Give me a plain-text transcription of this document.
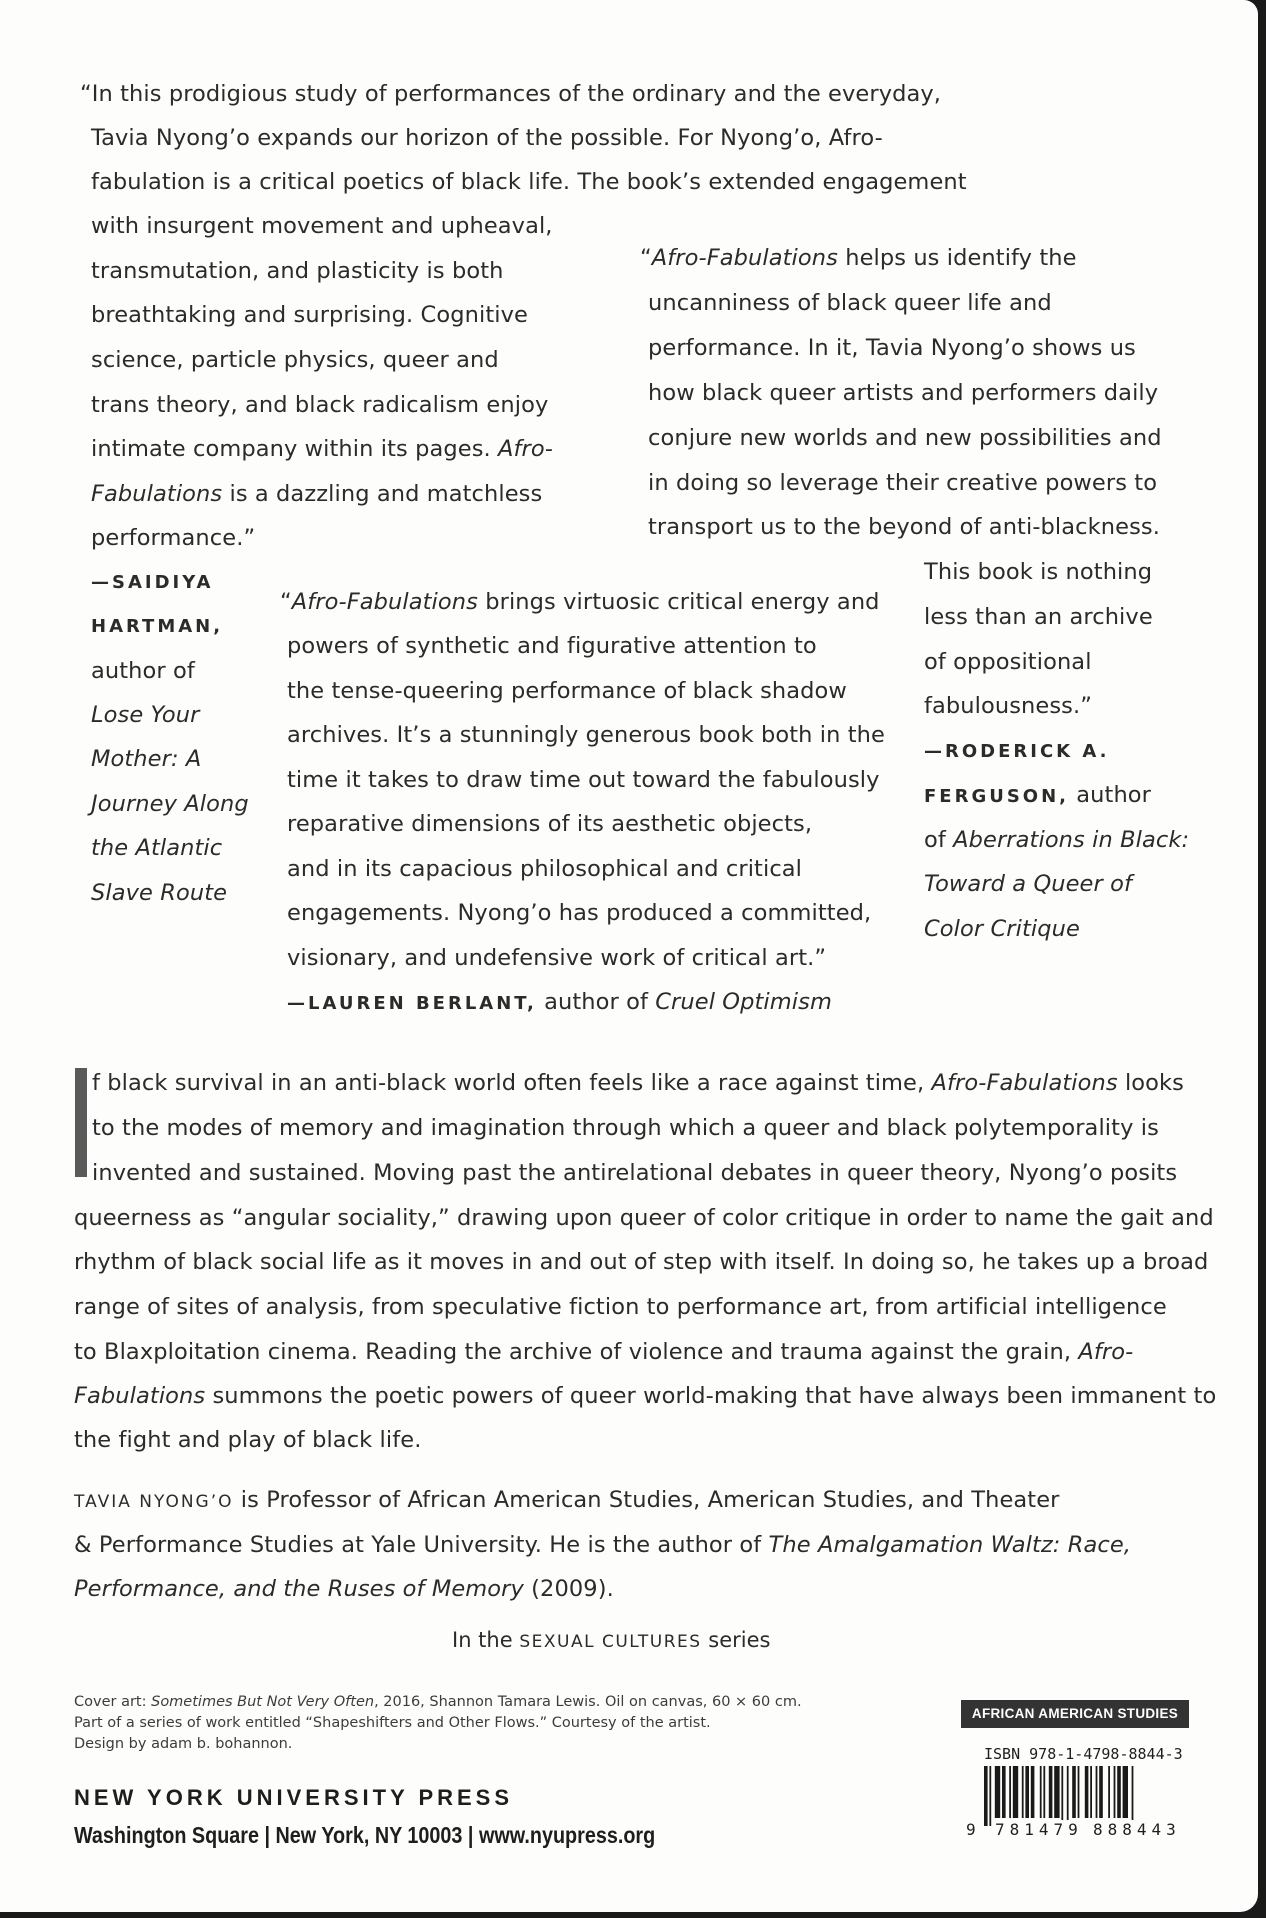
“In this prodigious study of performances of the ordinary and the everyday,
Tavia Nyong’o expands our horizon of the possible. For Nyong’o, Afro-
fabulation is a critical poetics of black life. The book’s extended engagement
with insurgent movement and upheaval,
transmutation, and plasticity is both
breathtaking and surprising. Cognitive
science, particle physics, queer and
trans theory, and black radicalism enjoy
intimate company within its pages. Afro-
Fabulations is a dazzling and matchless
performance.”
—SAIDIYA
HARTMAN,
author of
Lose Your
Mother: A
Journey Along
the Atlantic
Slave Route
“Afro-Fabulations helps us identify the
uncanniness of black queer life and
performance. In it, Tavia Nyong’o shows us
how black queer artists and performers daily
conjure new worlds and new possibilities and
in doing so leverage their creative powers to
transport us to the beyond of anti-blackness.
This book is nothing
less than an archive
of oppositional
fabulousness.”
—RODERICK A.
FERGUSON, author
of Aberrations in Black:
Toward a Queer of
Color Critique
“Afro-Fabulations brings virtuosic critical energy and
powers of synthetic and figurative attention to
the tense-queering performance of black shadow
archives. It’s a stunningly generous book both in the
time it takes to draw time out toward the fabulously
reparative dimensions of its aesthetic objects,
and in its capacious philosophical and critical
engagements. Nyong’o has produced a committed,
visionary, and undefensive work of critical art.”
—LAUREN BERLANT, author of Cruel Optimism
f black survival in an anti-black world often feels like a race against time, Afro-Fabulations looks
to the modes of memory and imagination through which a queer and black polytemporality is
invented and sustained. Moving past the antirelational debates in queer theory, Nyong’o posits
queerness as “angular sociality,” drawing upon queer of color critique in order to name the gait and
rhythm of black social life as it moves in and out of step with itself. In doing so, he takes up a broad
range of sites of analysis, from speculative fiction to performance art, from artificial intelligence
to Blaxploitation cinema. Reading the archive of violence and trauma against the grain, Afro-
Fabulations summons the poetic powers of queer world-making that have always been immanent to
the fight and play of black life.
TAVIA NYONG’O is Professor of African American Studies, American Studies, and Theater
& Performance Studies at Yale University. He is the author of The Amalgamation Waltz: Race,
Performance, and the Ruses of Memory (2009).
In the SEXUAL CULTURES series
Cover art: Sometimes But Not Very Often, 2016, Shannon Tamara Lewis. Oil on canvas, 60 × 60 cm.
Part of a series of work entitled “Shapeshifters and Other Flows.” Courtesy of the artist.
Design by adam b. bohannon.
NEW YORK UNIVERSITY PRESS
Washington Square | New York, NY 10003 | www.nyupress.org
AFRICAN AMERICAN STUDIES
ISBN 978-1-4798-8844-3
9 781479 888443
